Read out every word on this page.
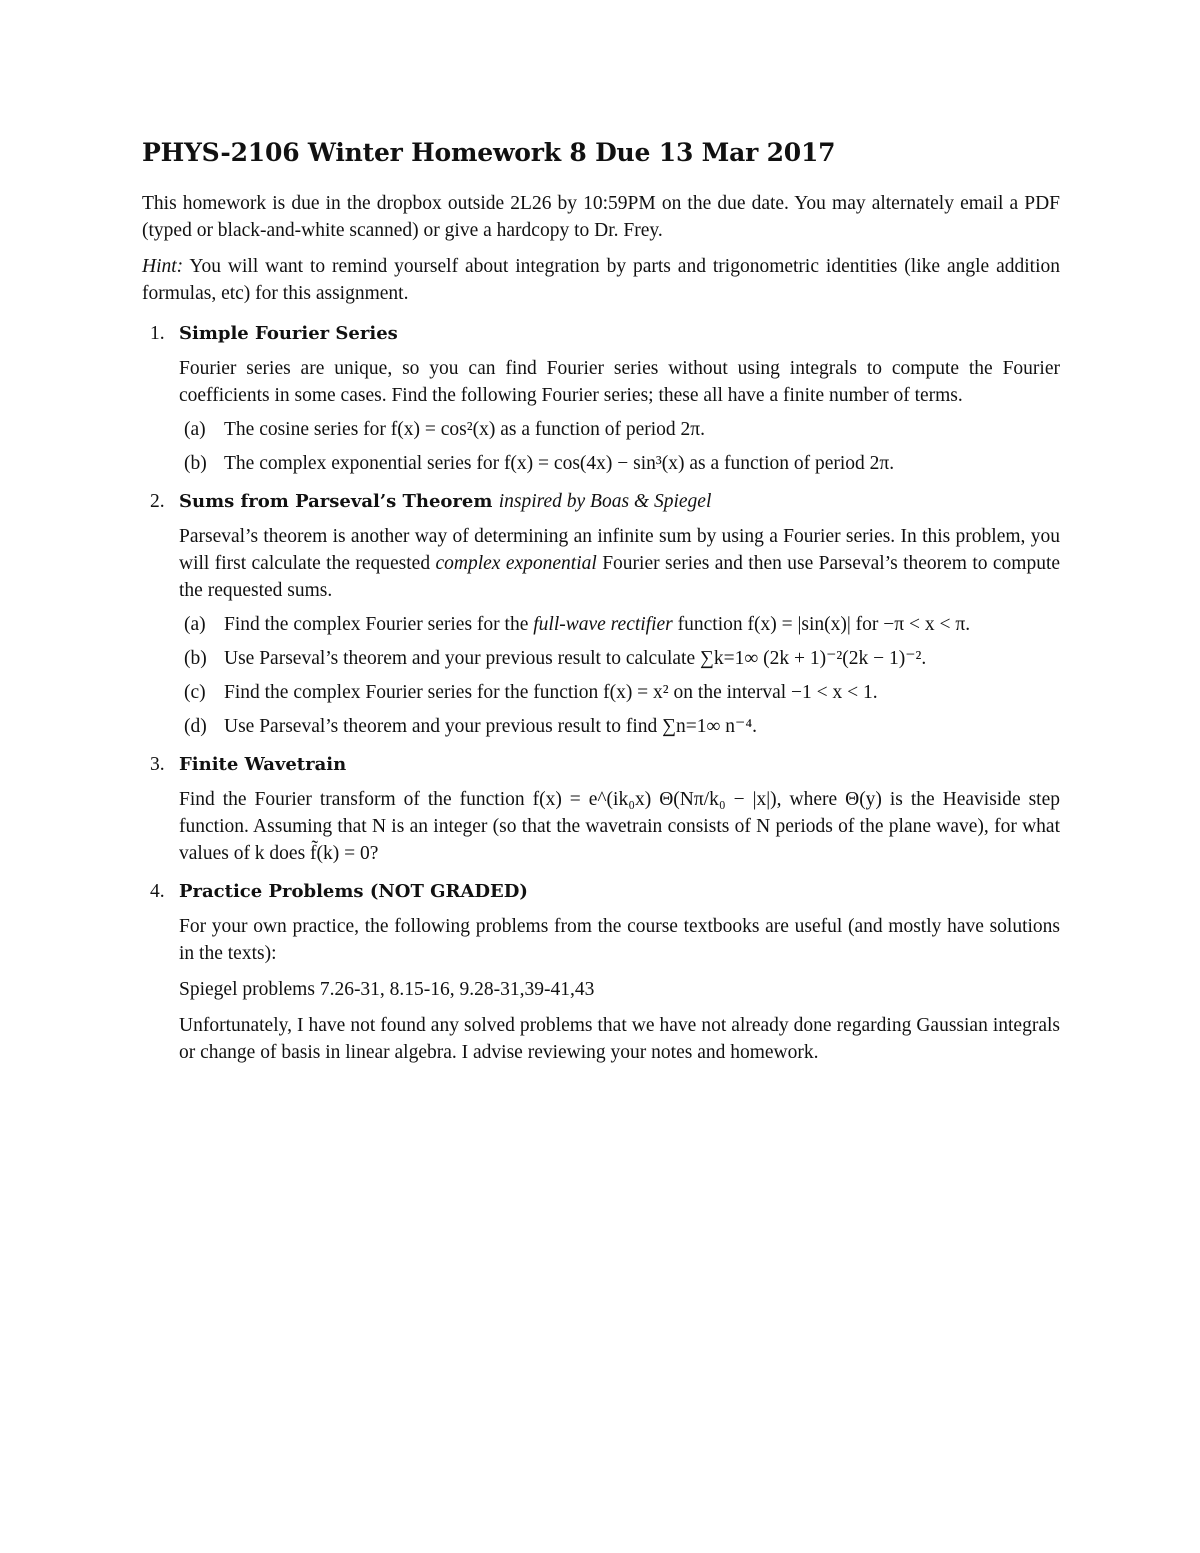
PHYS-2106 Winter Homework 8 Due 13 Mar 2017

This homework is due in the dropbox outside 2L26 by 10:59PM on the due date. You may alternately email a PDF (typed or black-and-white scanned) or give a hardcopy to Dr. Frey.

Hint: You will want to remind yourself about integration by parts and trigonometric identities (like angle addition formulas, etc) for this assignment.

1. Simple Fourier Series

Fourier series are unique, so you can find Fourier series without using integrals to compute the Fourier coefficients in some cases. Find the following Fourier series; these all have a finite number of terms.

(a) The cosine series for f(x) = cos²(x) as a function of period 2π.
(b) The complex exponential series for f(x) = cos(4x) − sin³(x) as a function of period 2π.
2. Sums from Parseval’s Theorem inspired by Boas & Spiegel

Parseval’s theorem is another way of determining an infinite sum by using a Fourier series. In this problem, you will first calculate the requested complex exponential Fourier series and then use Parseval’s theorem to compute the requested sums.

(a) Find the complex Fourier series for the full-wave rectifier function f(x) = |sin(x)| for −π < x < π.
(b) Use Parseval’s theorem and your previous result to calculate ∑k=1∞ (2k + 1)⁻²(2k − 1)⁻².
(c) Find the complex Fourier series for the function f(x) = x² on the interval −1 < x < 1.
(d) Use Parseval’s theorem and your previous result to find ∑n=1∞ n⁻⁴.
3. Finite Wavetrain

Find the Fourier transform of the function f(x) = e^(ik₀x) Θ(Nπ/k₀ − |x|), where Θ(y) is the Heaviside step function. Assuming that N is an integer (so that the wavetrain consists of N periods of the plane wave), for what values of k does f̃(k) = 0?

4. Practice Problems (NOT GRADED)

For your own practice, the following problems from the course textbooks are useful (and mostly have solutions in the texts):

Spiegel problems 7.26-31, 8.15-16, 9.28-31,39-41,43

Unfortunately, I have not found any solved problems that we have not already done regarding Gaussian integrals or change of basis in linear algebra. I advise reviewing your notes and homework.
